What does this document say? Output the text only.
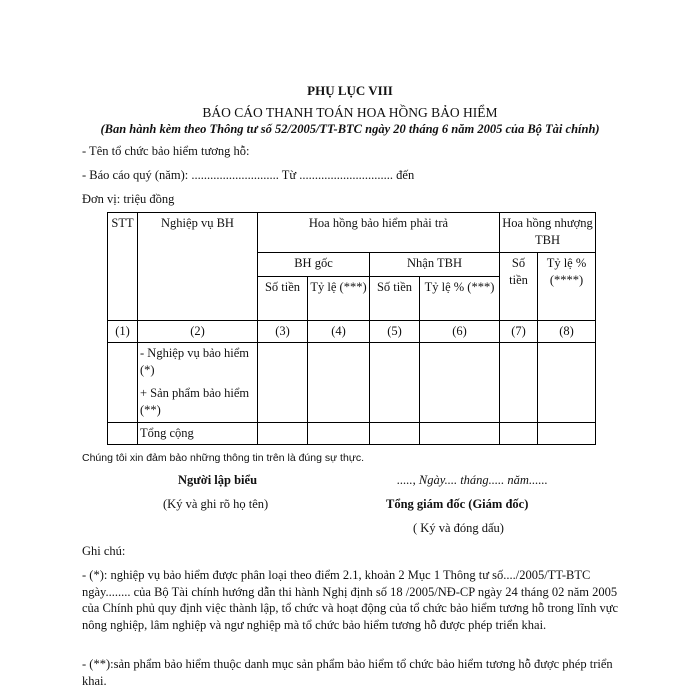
PHỤ LỤC VIII
BÁO CÁO THANH TOÁN HOA HỒNG BẢO HIỂM
(Ban hành kèm theo Thông tư số 52/2005/TT-BTC ngày 20 tháng 6 năm 2005 của Bộ Tài chính)
- Tên tổ chức bảo hiểm tương hỗ:
- Báo cáo quý (năm): ............................ Từ .............................. đến
Đơn vị: triệu đồng
STT	Nghiệp vụ BH	Hoa hồng bảo hiểm phải trả				Hoa hồng nhượng TBH	
		BH gốc		Nhận TBH		Số tiền	Tỷ lệ % (****)
		Số tiền	Tỷ lệ (***)	Số tiền	Tỷ lệ % (***)		
(1)	(2)	(3)	(4)	(5)	(6)	(7)	(8)

	- Nghiệp vụ bảo hiểm (*)
+ Sản phẩm bảo hiểm (**)						

	Tổng cộng						
Chúng tôi xin đảm bảo những thông tin trên là đúng sự thực.
Người lập biểu
(Ký và ghi rõ họ tên)
....., Ngày.... tháng..... năm......
Tổng giám đốc (Giám đốc)
( Ký và đóng dấu)
Ghi chú:
- (*): nghiệp vụ bảo hiểm được phân loại theo điểm 2.1, khoản 2 Mục 1 Thông tư số..../2005/TT-BTC ngày........ của Bộ Tài chính hướng dẫn thi hành Nghị định số 18 /2005/NĐ-CP ngày 24 tháng 02 năm 2005 của Chính phủ quy định việc thành lập, tổ chức và hoạt động của tổ chức bảo hiểm tương hỗ trong lĩnh vực nông nghiệp, lâm nghiệp và ngư nghiệp mà tổ chức bảo hiểm tương hỗ được phép triển khai.
- (**):sản phẩm bảo hiểm thuộc danh mục sản phẩm bảo hiểm tổ chức bảo hiểm tương hỗ được phép triển khai.
